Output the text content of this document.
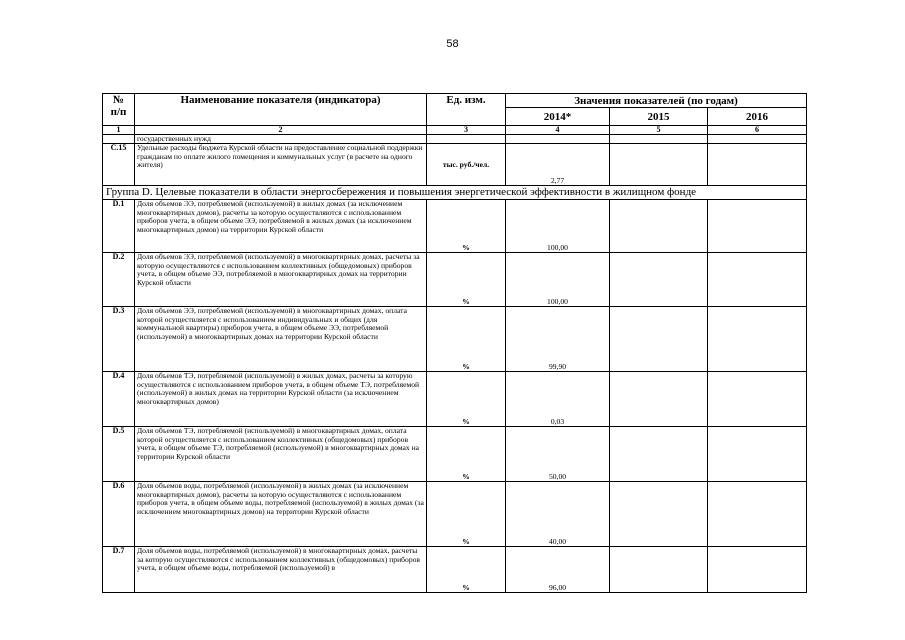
58
№
п/п	Наименование показателя (индикатора)	Ед. изм.	Значения показателей (по годам)		
			2014*	2015	2016
1	2	3	4	5	6
	государственных нужд				
С.15	Удельные расходы бюджета Курской области на предоставление социальной поддержки гражданам по оплате жилого помещения и коммунальных услуг (в расчете на одного жителя)	тыс. руб./чел.	2,77		
Группа D. Целевые показатели в области энергосбережения и повышения энергетической эффективности в жилищном фонде					
D.1	Доля объемов ЭЭ, потребляемой (используемой) в жилых домах (за исключением многоквартирных домов), расчеты за которую осуществляются с использованием приборов учета, в общем объеме ЭЭ, потребляемой в жилых домах (за исключением многоквартирных домов) на территории Курской области	%	100,00		
D.2	Доля объемов ЭЭ, потребляемой (используемой) в многоквартирных домах, расчеты за которую осуществляются с использованием коллективных (общедомовых) приборов учета, в общем объеме ЭЭ, потребляемой в многоквартирных домах на территории Курской области	%	100,00		
D.3	Доля объемов ЭЭ, потребляемой (используемой) в многоквартирных домах, оплата которой осуществляется с использованием индивидуальных и общих (для коммунальной квартиры) приборов учета, в общем объеме ЭЭ, потребляемой (используемой) в многоквартирных домах на территории Курской области	%	99,90		
D.4	Доля объемов ТЭ, потребляемой (используемой) в жилых домах, расчеты за которую осуществляются с использованием приборов учета, в общем объеме ТЭ, потребляемой (используемой) в жилых домах на территории Курской области (за исключением многоквартирных домов)	%	0,03		
D.5	Доля объемов ТЭ, потребляемой (используемой) в многоквартирных домах, оплата которой осуществляется с использованием коллективных (общедомовых) приборов учета, в общем объеме ТЭ, потребляемой (используемой) в многоквартирных домах на территории Курской области	%	50,00		
D.6	Доля объемов воды, потребляемой (используемой) в жилых домах (за исключением многоквартирных домов), расчеты за которую осуществляются с использованием приборов учета, в общем объеме воды, потребляемой (используемой) в жилых домах (за исключением многоквартирных домов) на территории Курской области	%	40,00		
D.7	Доля объемов воды, потребляемой (используемой) в многоквартирных домах, расчеты за которую осуществляются с использованием коллективных (общедомовых) приборов учета, в общем объеме воды, потребляемой (используемой) в	%	96,00		
